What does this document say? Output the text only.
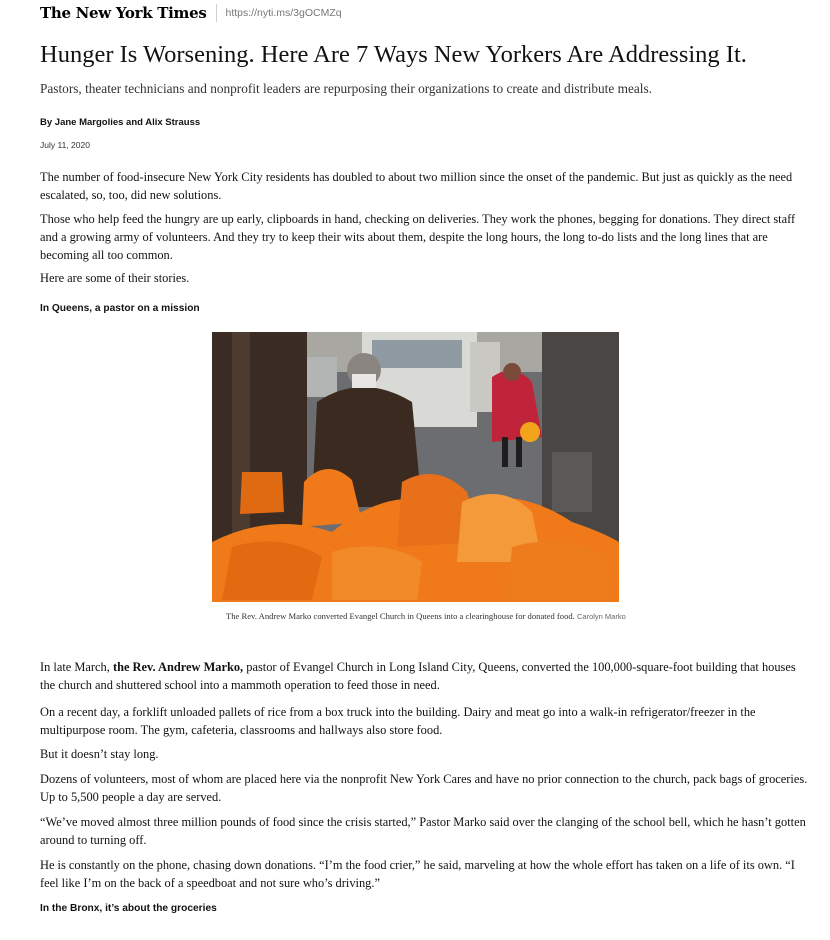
The New York Times	https://nyti.ms/3gOCMZq
Hunger Is Worsening. Here Are 7 Ways New Yorkers Are Addressing It.

Pastors, theater technicians and nonprofit leaders are repurposing their organizations to create and distribute meals.

By Jane Margolies and Alix Strauss

July 11, 2020

The number of food-insecure New York City residents has doubled to about two million since the onset of the pandemic. But just as quickly as the need escalated, so, too, did new solutions.

Those who help feed the hungry are up early, clipboards in hand, checking on deliveries. They work the phones, begging for donations. They direct staff and a growing army of volunteers. And they try to keep their wits about them, despite the long hours, the long to-do lists and the long lines that are becoming all too common.

Here are some of their stories.

In Queens, a pastor on a mission

The Rev. Andrew Marko converted Evangel Church in Queens into a clearinghouse for donated food. Carolyn Marko

In late March, the Rev. Andrew Marko, pastor of Evangel Church in Long Island City, Queens, converted the 100,000-square-foot building that houses the church and shuttered school into a mammoth operation to feed those in need.

On a recent day, a forklift unloaded pallets of rice from a box truck into the building. Dairy and meat go into a walk-in refrigerator/freezer in the multipurpose room. The gym, cafeteria, classrooms and hallways also store food.

But it doesn’t stay long.

Dozens of volunteers, most of whom are placed here via the nonprofit New York Cares and have no prior connection to the church, pack bags of groceries. Up to 5,500 people a day are served.

“We’ve moved almost three million pounds of food since the crisis started,” Pastor Marko said over the clanging of the school bell, which he hasn’t gotten around to turning off.

He is constantly on the phone, chasing down donations. “I’m the food crier,” he said, marveling at how the whole effort has taken on a life of its own. “I feel like I’m on the back of a speedboat and not sure who’s driving.”

In the Bronx, it’s about the groceries
